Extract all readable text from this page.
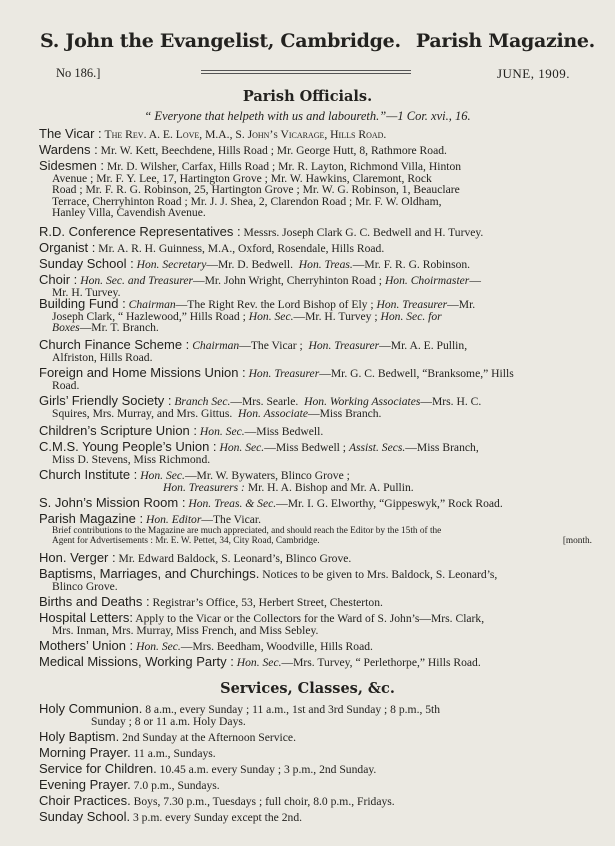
S. John the Evangelist, Cambridge. Parish Magazine.
No 186.]	JUNE, 1909.
Parish Officials.
“ Everyone that helpeth with us and laboureth.”—1 Cor. xvi., 16.
The Vicar : The Rev. A. E. Love, M.A., S. John’s Vicarage, Hills Road.
Wardens : Mr. W. Kett, Beechdene, Hills Road ; Mr. George Hutt, 8, Rathmore Road.
Sidesmen : Mr. D. Wilsher, Carfax, Hills Road ; Mr. R. Layton, Richmond Villa, Hinton
Avenue ; Mr. F. Y. Lee, 17, Hartington Grove ; Mr. W. Hawkins, Claremont, Rock
Road ; Mr. F. R. G. Robinson, 25, Hartington Grove ; Mr. W. G. Robinson, 1, Beauclare
Terrace, Cherryhinton Road ; Mr. J. J. Shea, 2, Clarendon Road ; Mr. F. W. Oldham,
Hanley Villa, Cavendish Avenue.
R.D. Conference Representatives : Messrs. Joseph Clark G. C. Bedwell and H. Turvey.
Organist : Mr. A. R. H. Guinness, M.A., Oxford, Rosendale, Hills Road.
Sunday School : Hon. Secretary—Mr. D. Bedwell. Hon. Treas.—Mr. F. R. G. Robinson.
Choir : Hon. Sec. and Treasurer—Mr. John Wright, Cherryhinton Road ; Hon. Choirmaster—
Mr. H. Turvey.
Building Fund : Chairman—The Right Rev. the Lord Bishop of Ely ; Hon. Treasurer—Mr.
Joseph Clark, “ Hazlewood,” Hills Road ; Hon. Sec.—Mr. H. Turvey ; Hon. Sec. for
Boxes—Mr. T. Branch.
Church Finance Scheme : Chairman—The Vicar ; Hon. Treasurer—Mr. A. E. Pullin,
Alfriston, Hills Road.
Foreign and Home Missions Union : Hon. Treasurer—Mr. G. C. Bedwell, “Branksome,” Hills
Road.
Girls’ Friendly Society : Branch Sec.—Mrs. Searle. Hon. Working Associates—Mrs. H. C.
Squires, Mrs. Murray, and Mrs. Gittus. Hon. Associate—Miss Branch.
Children’s Scripture Union : Hon. Sec.—Miss Bedwell.
C.M.S. Young People’s Union : Hon. Sec.—Miss Bedwell ; Assist. Secs.—Miss Branch,
Miss D. Stevens, Miss Richmond.
Church Institute : Hon. Sec.—Mr. W. Bywaters, Blinco Grove ;
Hon. Treasurers : Mr. H. A. Bishop and Mr. A. Pullin.
S. John’s Mission Room : Hon. Treas. & Sec.—Mr. I. G. Elworthy, “Gippeswyk,” Rock Road.
Parish Magazine : Hon. Editor—The Vicar.
Brief contributions to the Magazine are much appreciated, and should reach the Editor by the 15th of the
Agent for Advertisements : Mr. E. W. Pettet, 34, City Road, Cambridge.	[month.
Hon. Verger : Mr. Edward Baldock, S. Leonard’s, Blinco Grove.
Baptisms, Marriages, and Churchings. Notices to be given to Mrs. Baldock, S. Leonard’s,
Blinco Grove.
Births and Deaths : Registrar’s Office, 53, Herbert Street, Chesterton.
Hospital Letters: Apply to the Vicar or the Collectors for the Ward of S. John’s—Mrs. Clark,
Mrs. Inman, Mrs. Murray, Miss French, and Miss Sebley.
Mothers’ Union : Hon. Sec.—Mrs. Beedham, Woodville, Hills Road.
Medical Missions, Working Party : Hon. Sec.—Mrs. Turvey, “ Perlethorpe,” Hills Road.
Services, Classes, &c.
Holy Communion. 8 a.m., every Sunday ; 11 a.m., 1st and 3rd Sunday ; 8 p.m., 5th
Sunday ; 8 or 11 a.m. Holy Days.
Holy Baptism. 2nd Sunday at the Afternoon Service.
Morning Prayer. 11 a.m., Sundays.
Service for Children. 10.45 a.m. every Sunday ; 3 p.m., 2nd Sunday.
Evening Prayer. 7.0 p.m., Sundays.
Choir Practices. Boys, 7.30 p.m., Tuesdays ; full choir, 8.0 p.m., Fridays.
Sunday School. 3 p.m. every Sunday except the 2nd.
